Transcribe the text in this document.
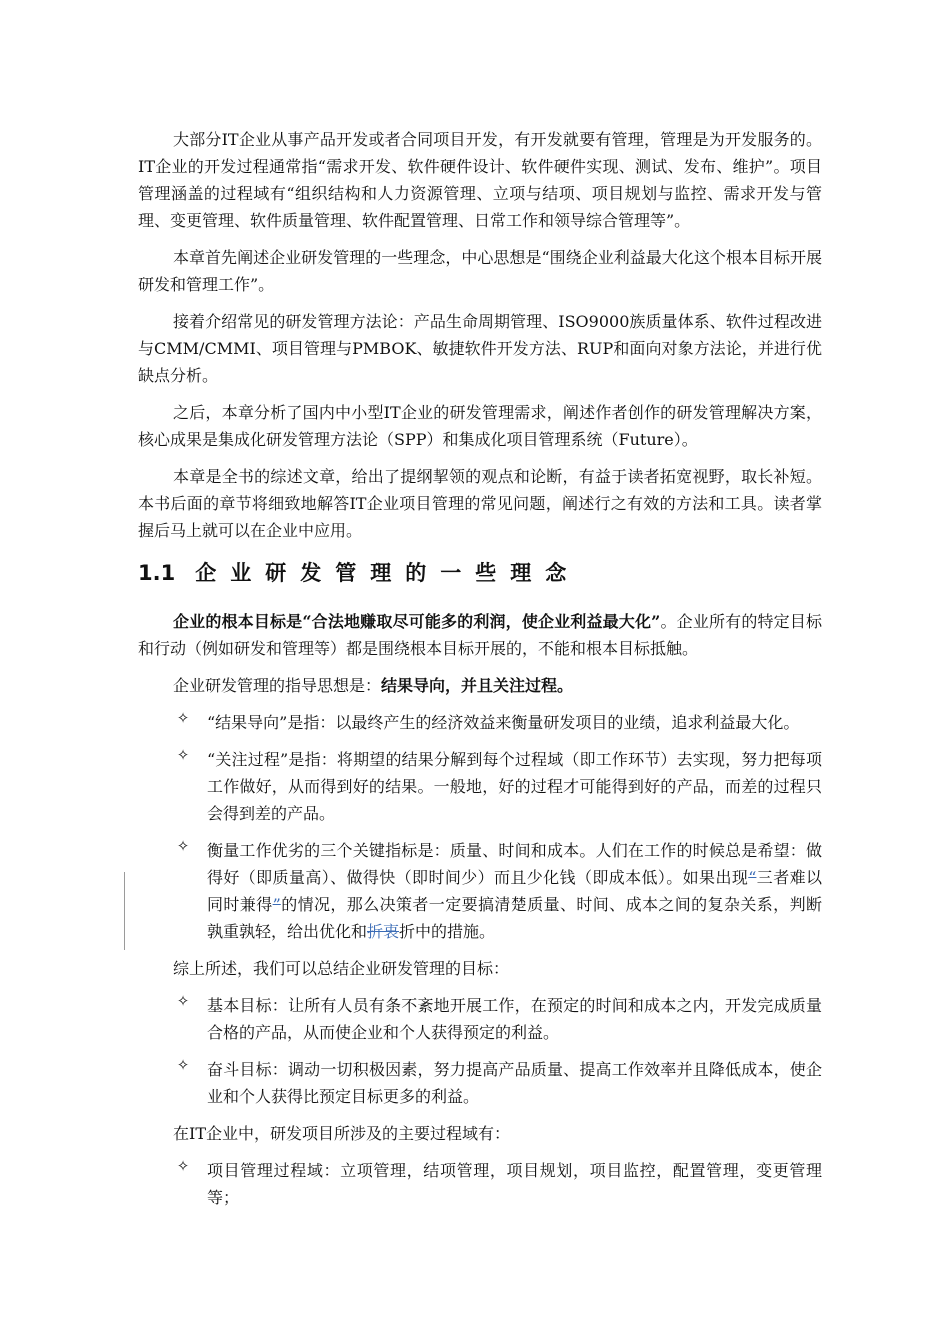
大部分IT企业从事产品开发或者合同项目开发，有开发就要有管理，管理是为开发服务的。IT企业的开发过程通常指“需求开发、软件硬件设计、软件硬件实现、测试、发布、维护”。项目管理涵盖的过程域有“组织结构和人力资源管理、立项与结项、项目规划与监控、需求开发与管理、变更管理、软件质量管理、软件配置管理、日常工作和领导综合管理等”。

本章首先阐述企业研发管理的一些理念，中心思想是“围绕企业利益最大化这个根本目标开展研发和管理工作”。

接着介绍常见的研发管理方法论：产品生命周期管理、ISO9000族质量体系、软件过程改进与CMM/CMMI、项目管理与PMBOK、敏捷软件开发方法、RUP和面向对象方法论，并进行优缺点分析。

之后，本章分析了国内中小型IT企业的研发管理需求，阐述作者创作的研发管理解决方案，核心成果是集成化研发管理方法论（SPP）和集成化项目管理系统（Future）。

本章是全书的综述文章，给出了提纲挈领的观点和论断，有益于读者拓宽视野，取长补短。本书后面的章节将细致地解答IT企业项目管理的常见问题，阐述行之有效的方法和工具。读者掌握后马上就可以在企业中应用。

1.1 企业研发管理的一些理念

企业的根本目标是“合法地赚取尽可能多的利润，使企业利益最大化”。企业所有的特定目标和行动（例如研发和管理等）都是围绕根本目标开展的，不能和根本目标抵触。

企业研发管理的指导思想是：结果导向，并且关注过程。

✧ “结果导向”是指：以最终产生的经济效益来衡量研发项目的业绩，追求利益最大化。

✧ “关注过程”是指：将期望的结果分解到每个过程域（即工作环节）去实现，努力把每项工作做好，从而得到好的结果。一般地，好的过程才可能得到好的产品，而差的过程只会得到差的产品。

✧ 衡量工作优劣的三个关键指标是：质量、时间和成本。人们在工作的时候总是希望：做得好（即质量高）、做得快（即时间少）而且少化钱（即成本低）。如果出现“三者难以同时兼得”的情况，那么决策者一定要搞清楚质量、时间、成本之间的复杂关系，判断孰重孰轻，给出优化和折衷折中的措施。

综上所述，我们可以总结企业研发管理的目标：

✧ 基本目标：让所有人员有条不紊地开展工作，在预定的时间和成本之内，开发完成质量合格的产品，从而使企业和个人获得预定的利益。

✧ 奋斗目标：调动一切积极因素，努力提高产品质量、提高工作效率并且降低成本，使企业和个人获得比预定目标更多的利益。

在IT企业中，研发项目所涉及的主要过程域有：

✧ 项目管理过程域：立项管理，结项管理，项目规划，项目监控，配置管理，变更管理等；
